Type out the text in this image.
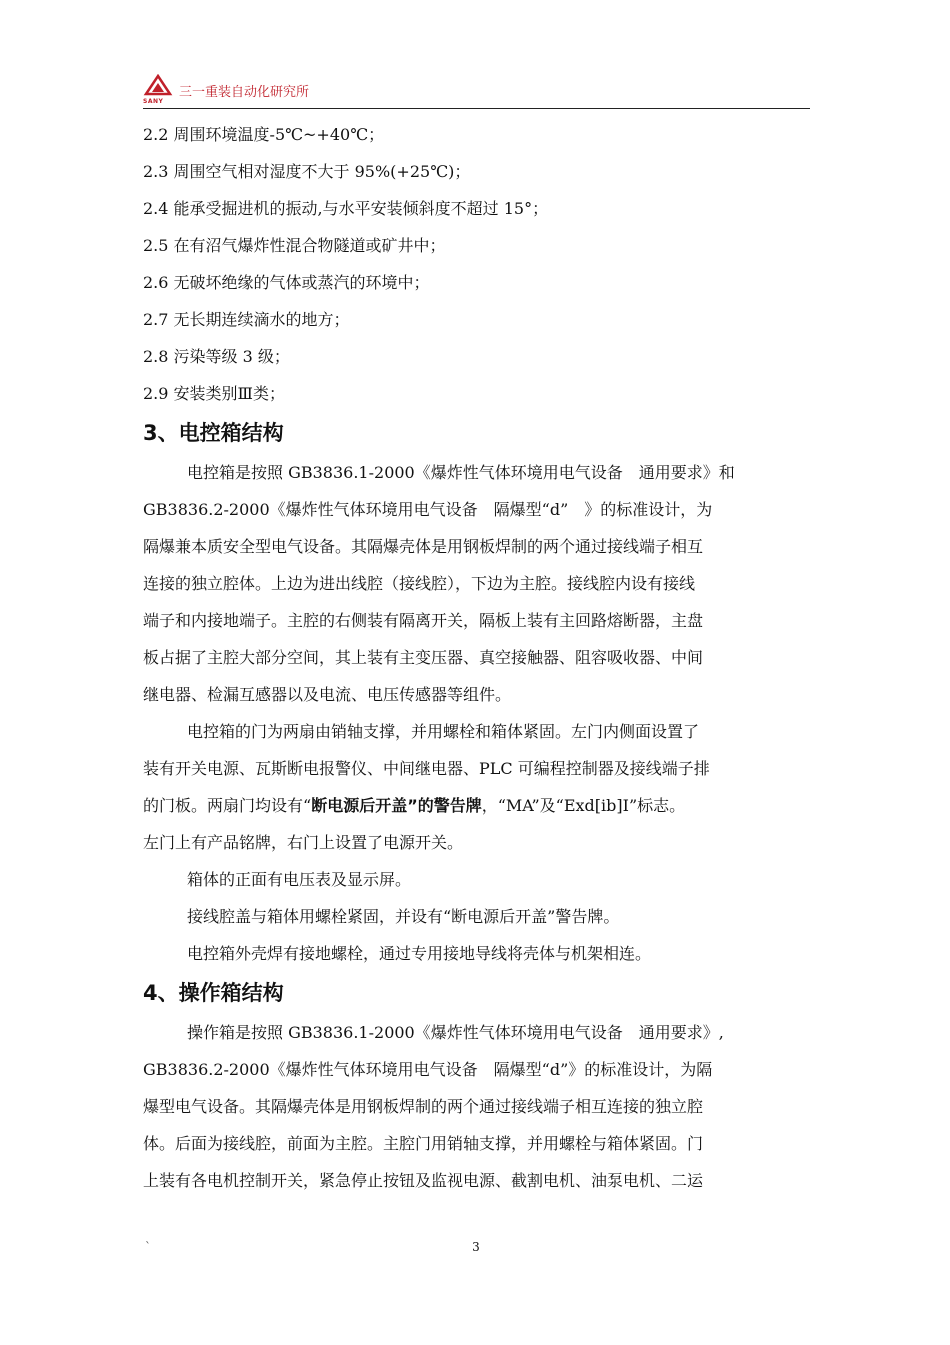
SANY
三一重装自动化研究所
2.2 周围环境温度-5℃~+40℃；
2.3 周围空气相对湿度不大于 95%(+25℃)；
2.4 能承受掘进机的振动,与水平安装倾斜度不超过 15°；
2.5 在有沼气爆炸性混合物隧道或矿井中；
2.6 无破坏绝缘的气体或蒸汽的环境中；
2.7 无长期连续滴水的地方；
2.8 污染等级 3 级；
2.9 安装类别Ⅲ类；
3、电控箱结构
电控箱是按照 GB3836.1-2000《爆炸性气体环境用电气设备　通用要求》和
GB3836.2-2000《爆炸性气体环境用电气设备　隔爆型“d”　》的标准设计，为
隔爆兼本质安全型电气设备。其隔爆壳体是用钢板焊制的两个通过接线端子相互
连接的独立腔体。上边为进出线腔（接线腔），下边为主腔。接线腔内设有接线
端子和内接地端子。主腔的右侧装有隔离开关，隔板上装有主回路熔断器，主盘
板占据了主腔大部分空间，其上装有主变压器、真空接触器、阻容吸收器、中间
继电器、检漏互感器以及电流、电压传感器等组件。
电控箱的门为两扇由销轴支撑，并用螺栓和箱体紧固。左门内侧面设置了
装有开关电源、瓦斯断电报警仪、中间继电器、PLC 可编程控制器及接线端子排
的门板。两扇门均设有“断电源后开盖”的警告牌，“MA”及“Exd[ib]I”标志。
左门上有产品铭牌，右门上设置了电源开关。
箱体的正面有电压表及显示屏。
接线腔盖与箱体用螺栓紧固，并设有“断电源后开盖”警告牌。
电控箱外壳焊有接地螺栓，通过专用接地导线将壳体与机架相连。
4、操作箱结构
操作箱是按照 GB3836.1-2000《爆炸性气体环境用电气设备　通用要求》,
GB3836.2-2000《爆炸性气体环境用电气设备　隔爆型“d”》的标准设计，为隔
爆型电气设备。其隔爆壳体是用钢板焊制的两个通过接线端子相互连接的独立腔
体。后面为接线腔，前面为主腔。主腔门用销轴支撑，并用螺栓与箱体紧固。门
上装有各电机控制开关，紧急停止按钮及监视电源、截割电机、油泵电机、二运
`	3
